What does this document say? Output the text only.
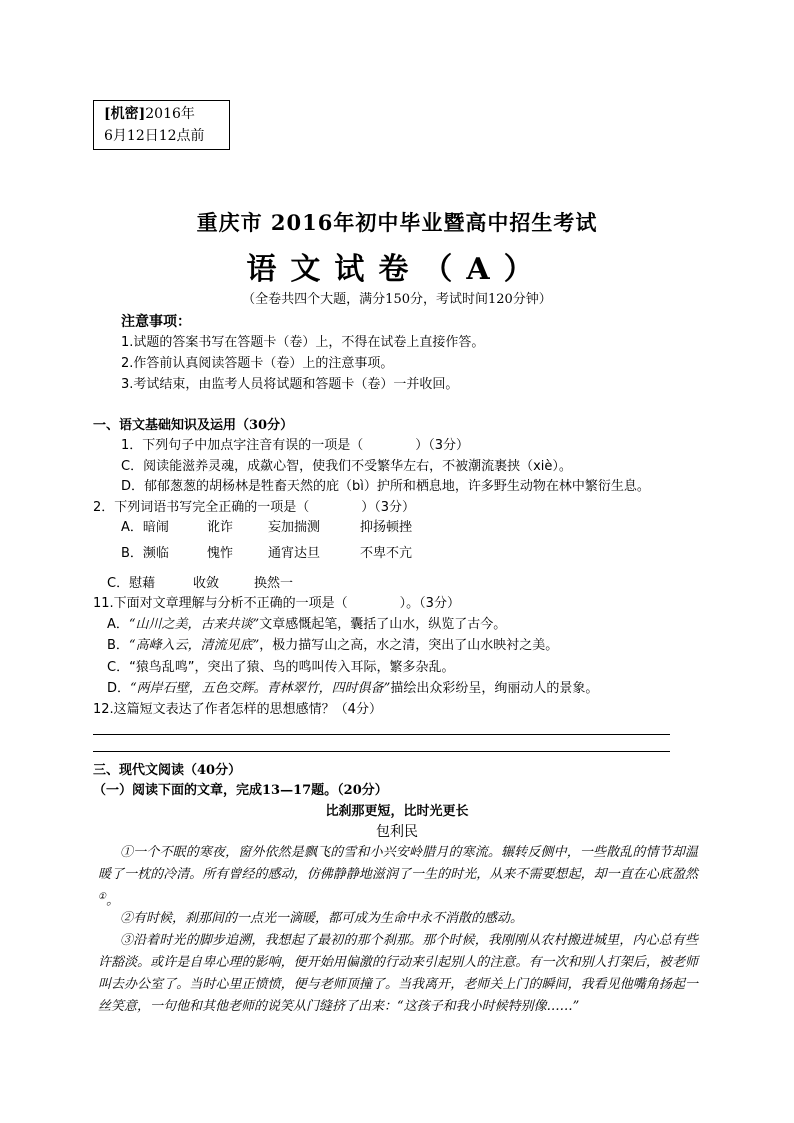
[机密]2016年
6月12日12点前
重庆市 2016年初中毕业暨高中招生考试
语文试卷（A）
（全卷共四个大题，满分150分，考试时间120分钟）
注意事项：
1.试题的答案书写在答题卡（卷）上，不得在试卷上直接作答。
2.作答前认真阅读答题卡（卷）上的注意事项。
3.考试结束，由监考人员将试题和答题卡（卷）一并收回。
一、语文基础知识及运用（30分）
1．下列句子中加点字注音有误的一项是（　　　　）（3分）
C．阅读能滋养灵魂，成歘心智，使我们不受繁华左右，不被潮流裹挟（xiè）。
D．郁郁葱葱的胡杨林是牲畜天然的庇（bì）护所和栖息地，许多野生动物在林中繁衍生息。
2．下列词语书写完全正确的一项是（　　　　）（3分）
A．暗闹	讹诈	妄加揣测	抑扬顿挫
B．濒临	愧怍	通宵达旦	不卑不亢
C．慰藉	收敛	换然一
11.下面对文章理解与分析不正确的一项是（　　　　）。（3分）
A．“山川之美，古来共谈”文章感慨起笔，囊括了山水，纵览了古今。
B．“高峰入云，清流见底”，极力描写山之高，水之清，突出了山水映衬之美。
C．“猿鸟乱鸣”，突出了猿、鸟的鸣叫传入耳际，繁多杂乱。
D．“两岸石壁，五色交辉。青林翠竹，四时俱备”描绘出众彩纷呈，绚丽动人的景象。
12.这篇短文表达了作者怎样的思想感情？（4分）
三、现代文阅读（40分）
（一）阅读下面的文章，完成13—17题。（20分）
比刹那更短，比时光更长
包利民
①一个不眠的寒夜，窗外依然是飘飞的雪和小兴安岭腊月的寒流。辗转反侧中，一些散乱的情节却温暖了一枕的冷清。所有曾经的感动，仿佛静静地滋润了一生的时光，从来不需要想起，却一直在心底盈然①。
②有时候，刹那间的一点光一滴暖，都可成为生命中永不消散的感动。
③沿着时光的脚步追溯，我想起了最初的那个刹那。那个时候，我刚刚从农村搬进城里，内心总有些许豁淡。或许是自卑心理的影响，便开始用偏激的行动来引起别人的注意。有一次和别人打架后，被老师叫去办公室了。当时心里正愤愤，便与老师顶撞了。当我离开，老师关上门的瞬间，我看见他嘴角扬起一丝笑意，一句他和其他老师的说笑从门缝挤了出来：“这孩子和我小时候特别像……”
